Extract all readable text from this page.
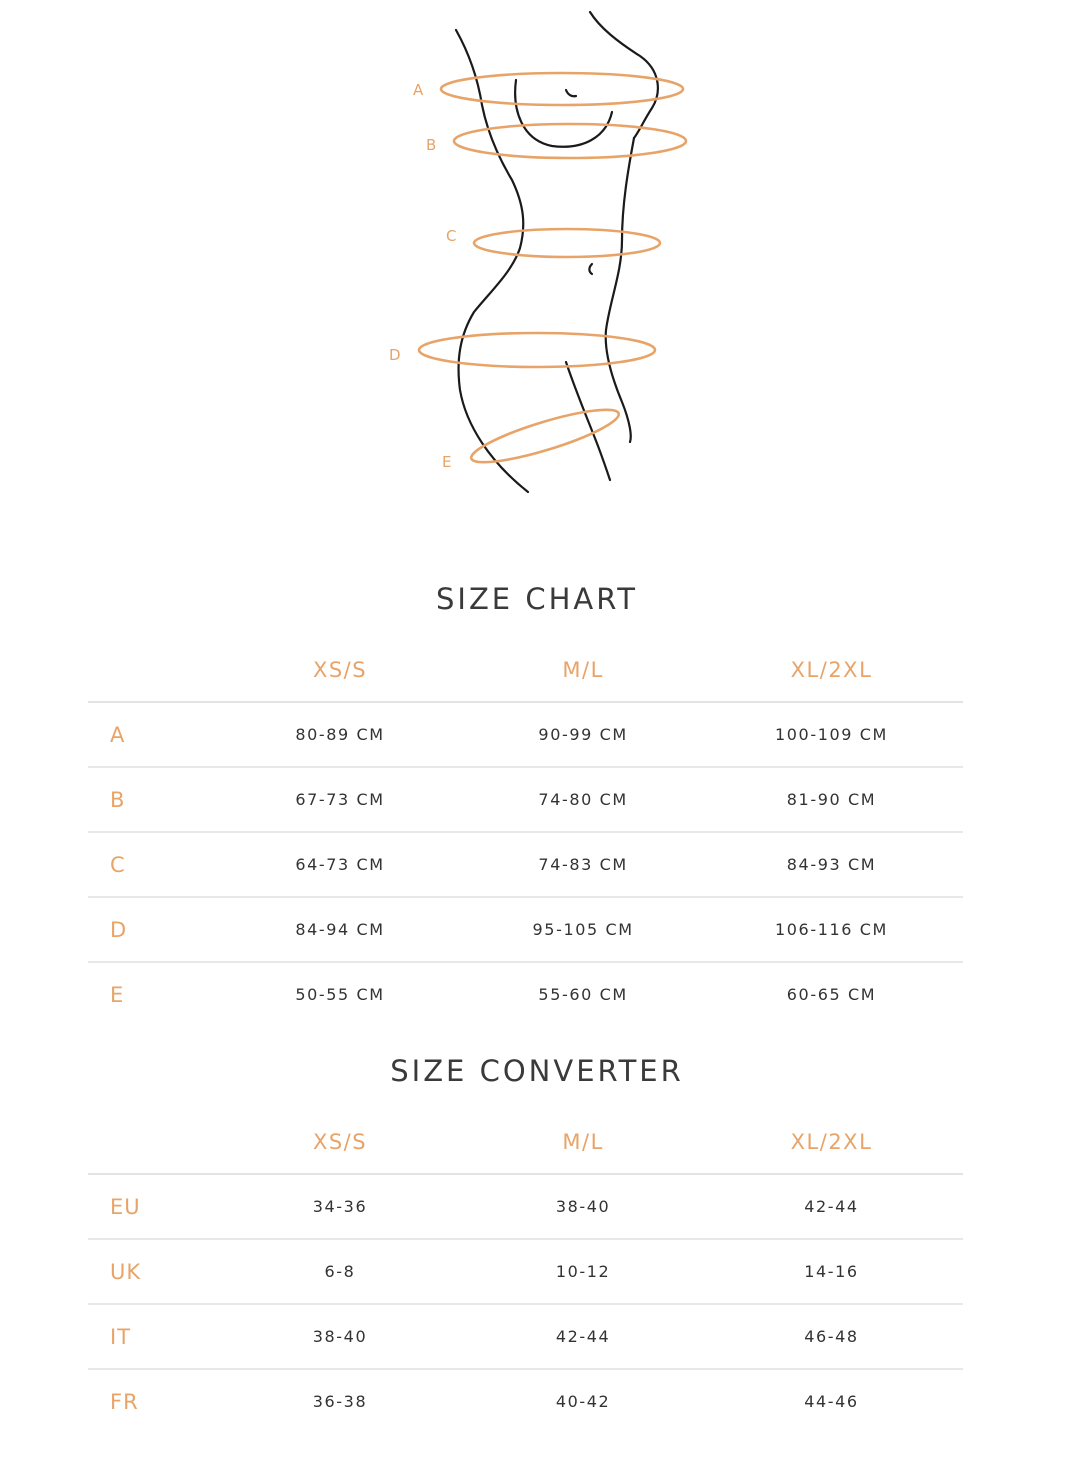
A
B
C
D
E
SIZE CHART
	XS/S	M/L	XL/2XL
A	80-89 CM	90-99 CM	100-109 CM
B	67-73 CM	74-80 CM	81-90 CM
C	64-73 CM	74-83 CM	84-93 CM
D	84-94 CM	95-105 CM	106-116 CM
E	50-55 CM	55-60 CM	60-65 CM
SIZE CONVERTER
	XS/S	M/L	XL/2XL
EU	34-36	38-40	42-44
UK	6-8	10-12	14-16
IT	38-40	42-44	46-48
FR	36-38	40-42	44-46
